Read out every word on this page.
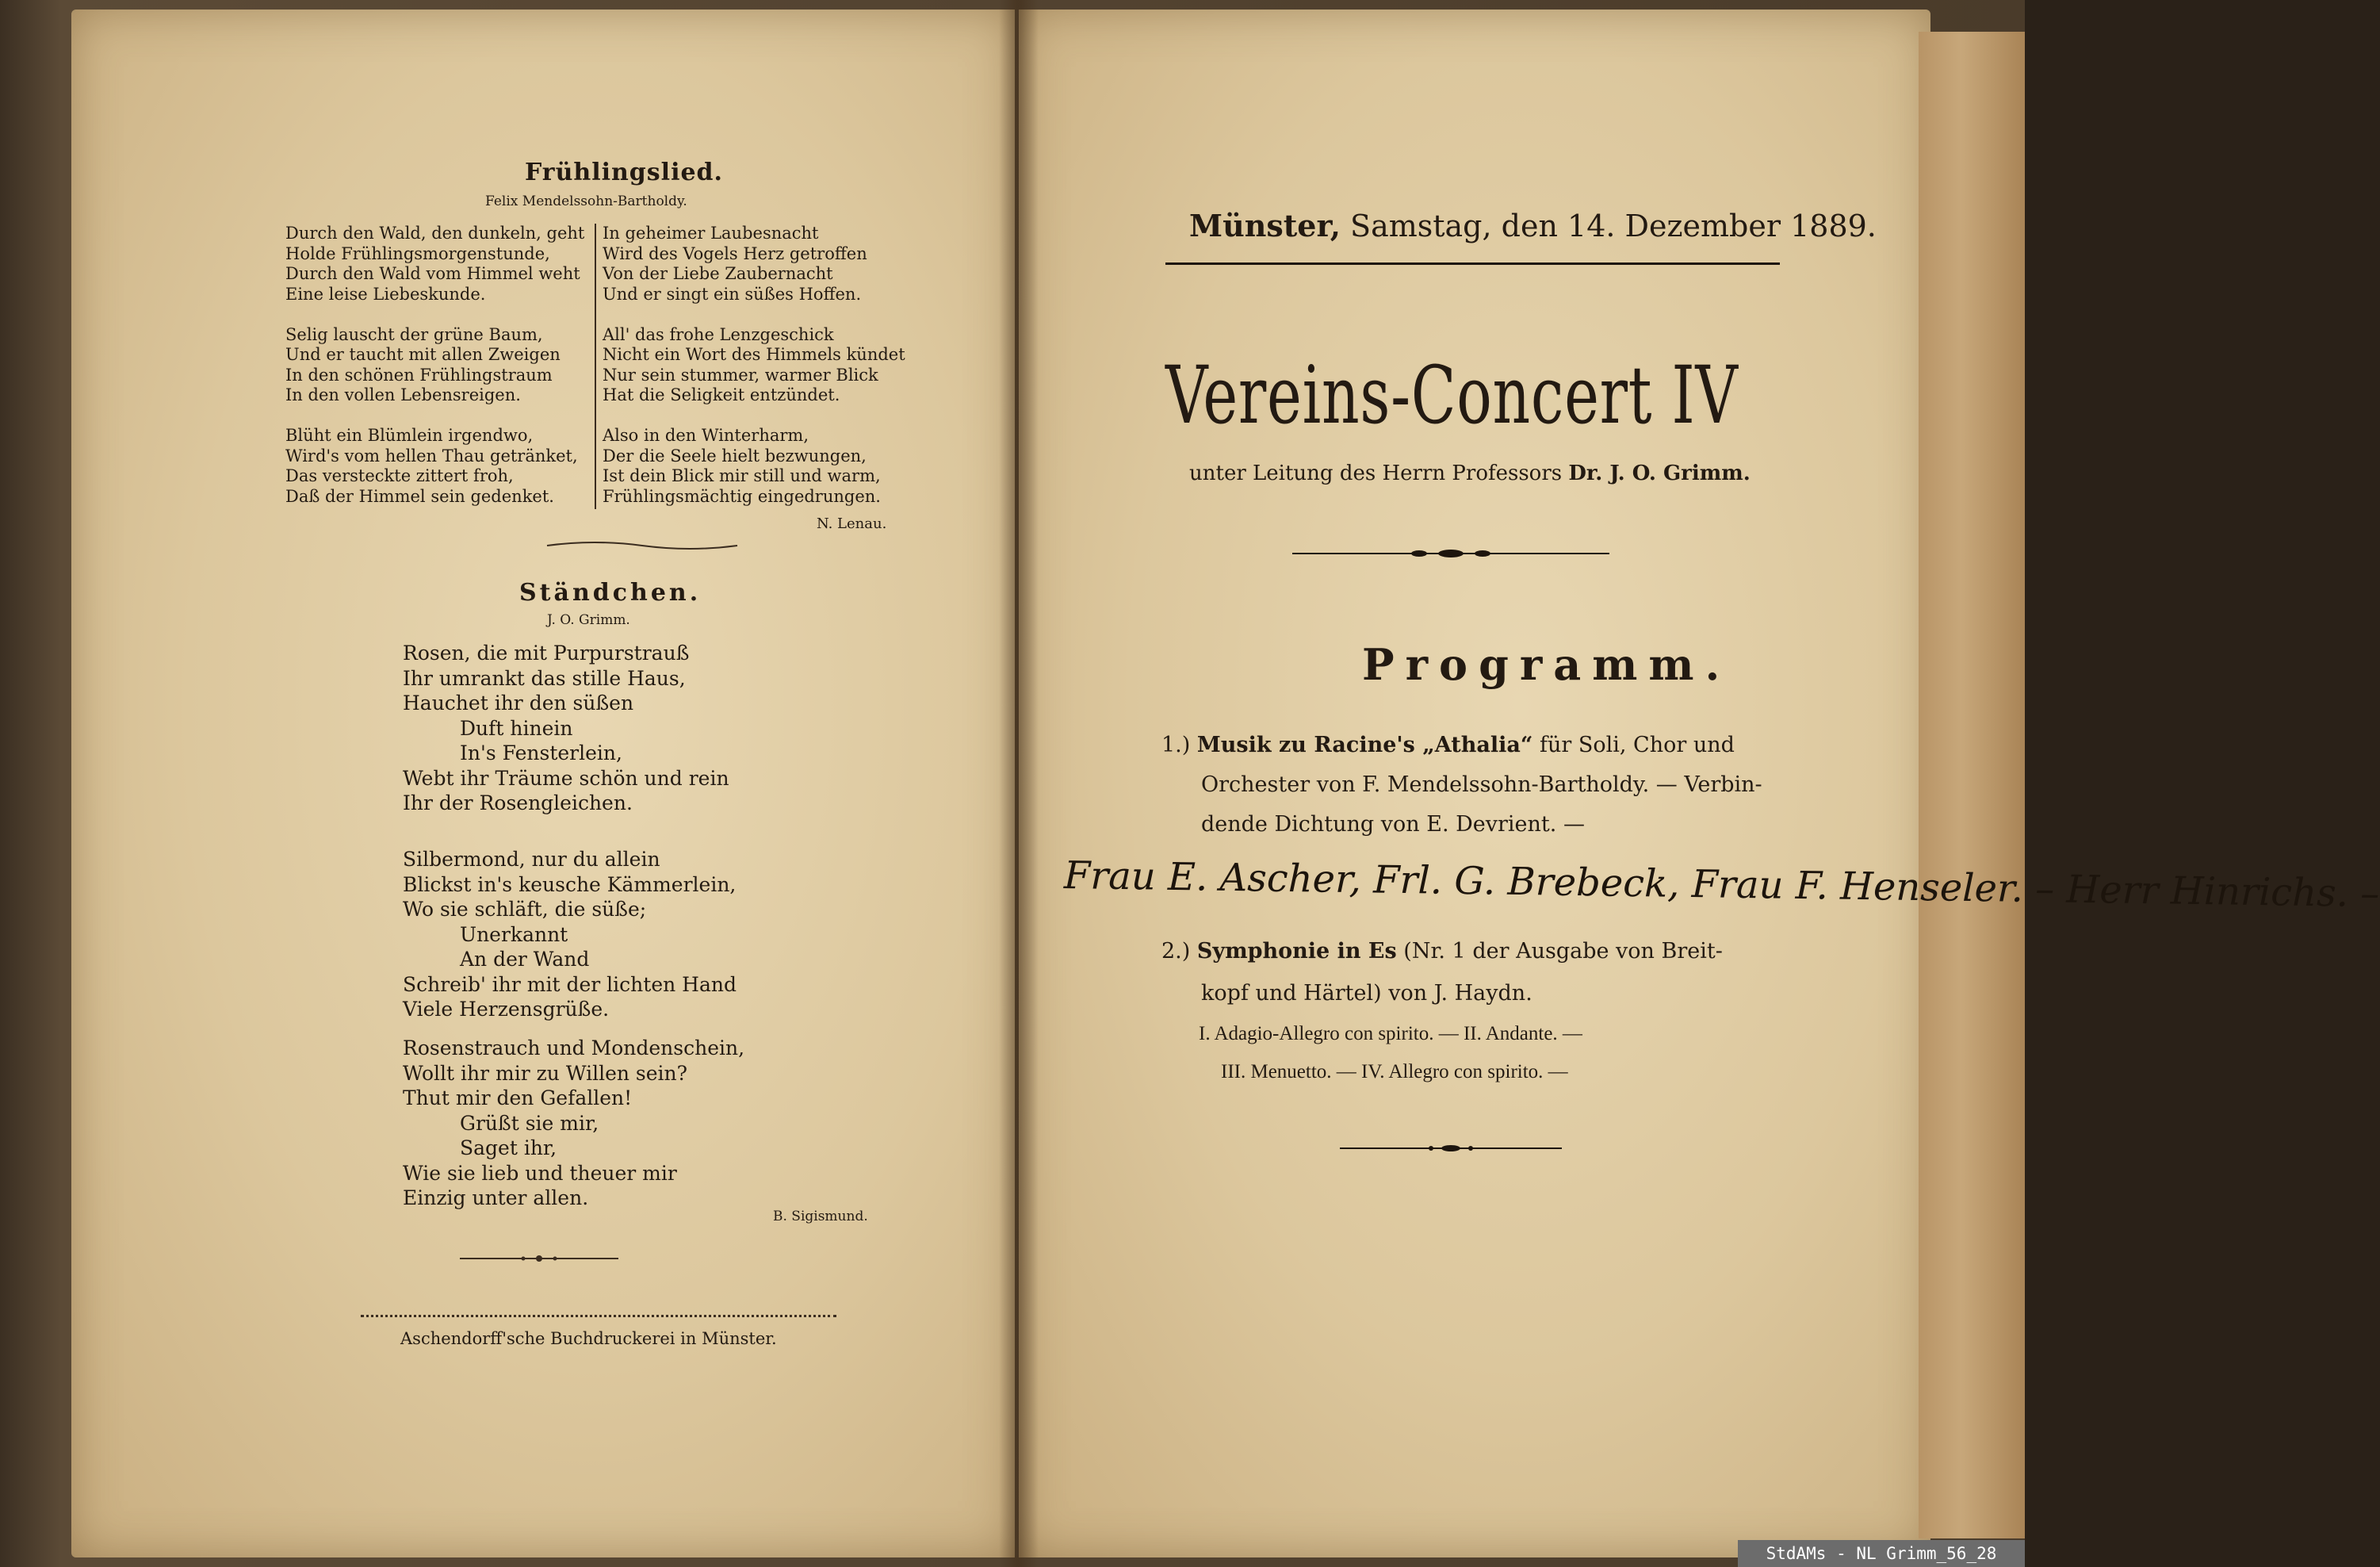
Frühlingslied.
Felix Mendelssohn-Bartholdy.
Durch den Wald, den dunkeln, geht
Holde Frühlingsmorgenstunde,
Durch den Wald vom Himmel weht
Eine leise Liebeskunde.

Selig lauscht der grüne Baum,
Und er taucht mit allen Zweigen
In den schönen Frühlingstraum
In den vollen Lebensreigen.

Blüht ein Blümlein irgendwo,
Wird's vom hellen Thau getränket,
Das versteckte zittert froh,
Daß der Himmel sein gedenket.
In geheimer Laubesnacht
Wird des Vogels Herz getroffen
Von der Liebe Zaubernacht
Und er singt ein süßes Hoffen.

All' das frohe Lenzgeschick
Nicht ein Wort des Himmels kündet
Nur sein stummer, warmer Blick
Hat die Seligkeit entzündet.

Also in den Winterharm,
Der die Seele hielt bezwungen,
Ist dein Blick mir still und warm,
Frühlingsmächtig eingedrungen.
N. Lenau.
Ständchen.
J. O. Grimm.
Rosen, die mit Purpurstrauß
Ihr umrankt das stille Haus,
Hauchet ihr den süßen
Duft hinein
In's Fensterlein,
Webt ihr Träume schön und rein
Ihr der Rosengleichen.
Silbermond, nur du allein
Blickst in's keusche Kämmerlein,
Wo sie schläft, die süße;
Unerkannt
An der Wand
Schreib' ihr mit der lichten Hand
Viele Herzensgrüße.
Rosenstrauch und Mondenschein,
Wollt ihr mir zu Willen sein?
Thut mir den Gefallen!
Grüßt sie mir,
Saget ihr,
Wie sie lieb und theuer mir
Einzig unter allen.
B. Sigismund.
Aschendorff'sche Buchdruckerei in Münster.
Münster, Samstag, den 14. Dezember 1889.
Vereins-Concert IV
unter Leitung des Herrn Professors Dr. J. O. Grimm.
Programm.
1.) Musik zu Racine's „Athalia“ für Soli, Chor und
Orchester von F. Mendelssohn-Bartholdy. — Verbin-
dende Dichtung von E. Devrient. —
Frau E. Ascher, Frl. G. Brebeck, Frau F. Henseler. – Herr Hinrichs. –
2.) Symphonie in Es (Nr. 1 der Ausgabe von Breit-
kopf und Härtel) von J. Haydn.
I. Adagio-Allegro con spirito. — II. Andante. —
III. Menuetto. — IV. Allegro con spirito. —
StdAMs - NL Grimm_56_28
